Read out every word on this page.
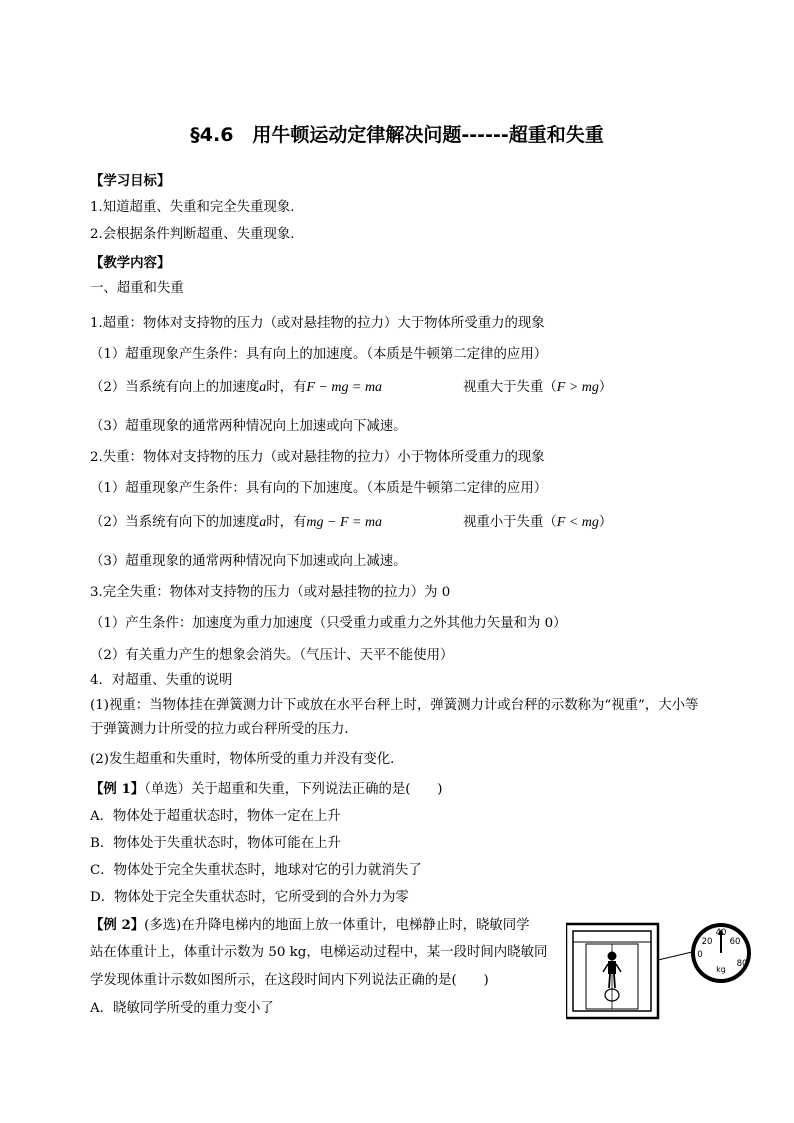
§4.6　用牛顿运动定律解决问题------超重和失重
【学习目标】
1.知道超重、失重和完全失重现象.
2.会根据条件判断超重、失重现象.
【教学内容】
一、超重和失重
1.超重：物体对支持物的压力（或对悬挂物的拉力）大于物体所受重力的现象
（1）超重现象产生条件：具有向上的加速度。（本质是牛顿第二定律的应用）
（2）当系统有向上的加速度a时，有F − mg = ma	视重大于失重（F > mg）
（3）超重现象的通常两种情况向上加速或向下减速。
2.失重：物体对支持物的压力（或对悬挂物的拉力）小于物体所受重力的现象
（1）超重现象产生条件：具有向的下加速度。（本质是牛顿第二定律的应用）
（2）当系统有向下的加速度a时，有mg − F = ma	视重小于失重（F < mg）
（3）超重现象的通常两种情况向下加速或向上减速。
3.完全失重：物体对支持物的压力（或对悬挂物的拉力）为 0
（1）产生条件：加速度为重力加速度（只受重力或重力之外其他力矢量和为 0）
（2）有关重力产生的想象会消失。（气压计、天平不能使用）
4．对超重、失重的说明
(1)视重：当物体挂在弹簧测力计下或放在水平台秤上时，弹簧测力计或台秤的示数称为“视重”，大小等于弹簧测力计所受的拉力或台秤所受的压力．
(2)发生超重和失重时，物体所受的重力并没有变化．
【例 1】（单选）关于超重和失重，下列说法正确的是(　　)
A．物体处于超重状态时，物体一定在上升
B．物体处于失重状态时，物体可能在上升
C．物体处于完全失重状态时，地球对它的引力就消失了
D．物体处于完全失重状态时，它所受到的合外力为零
【例 2】(多选)在升降电梯内的地面上放一体重计，电梯静止时，晓敏同学
站在体重计上，体重计示数为 50 kg，电梯运动过程中，某一段时间内晓敏同
学发现体重计示数如图所示，在这段时间内下列说法正确的是(　　)
A．晓敏同学所受的重力变小了
0
20
40
60
80
kg
